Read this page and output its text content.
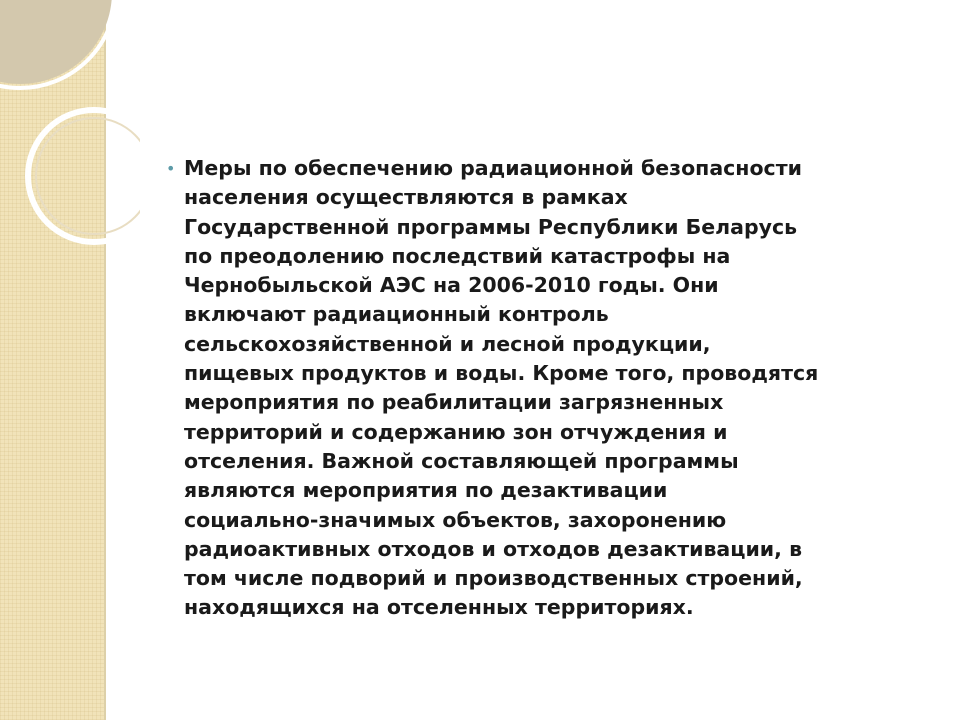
• Меры по обеспечению радиационной безопасности
населения осуществляются в рамках
Государственной программы Республики Беларусь
по преодолению последствий катастрофы на
Чернобыльской АЭС на 2006-2010 годы. Они
включают радиационный контроль
сельскохозяйственной и лесной продукции,
пищевых продуктов и воды. Кроме того, проводятся
мероприятия по реабилитации загрязненных
территорий и содержанию зон отчуждения и
отселения. Важной составляющей программы
являются мероприятия по дезактивации
социально-значимых объектов, захоронению
радиоактивных отходов и отходов дезактивации, в
том числе подворий и производственных строений,
находящихся на отселенных территориях.
